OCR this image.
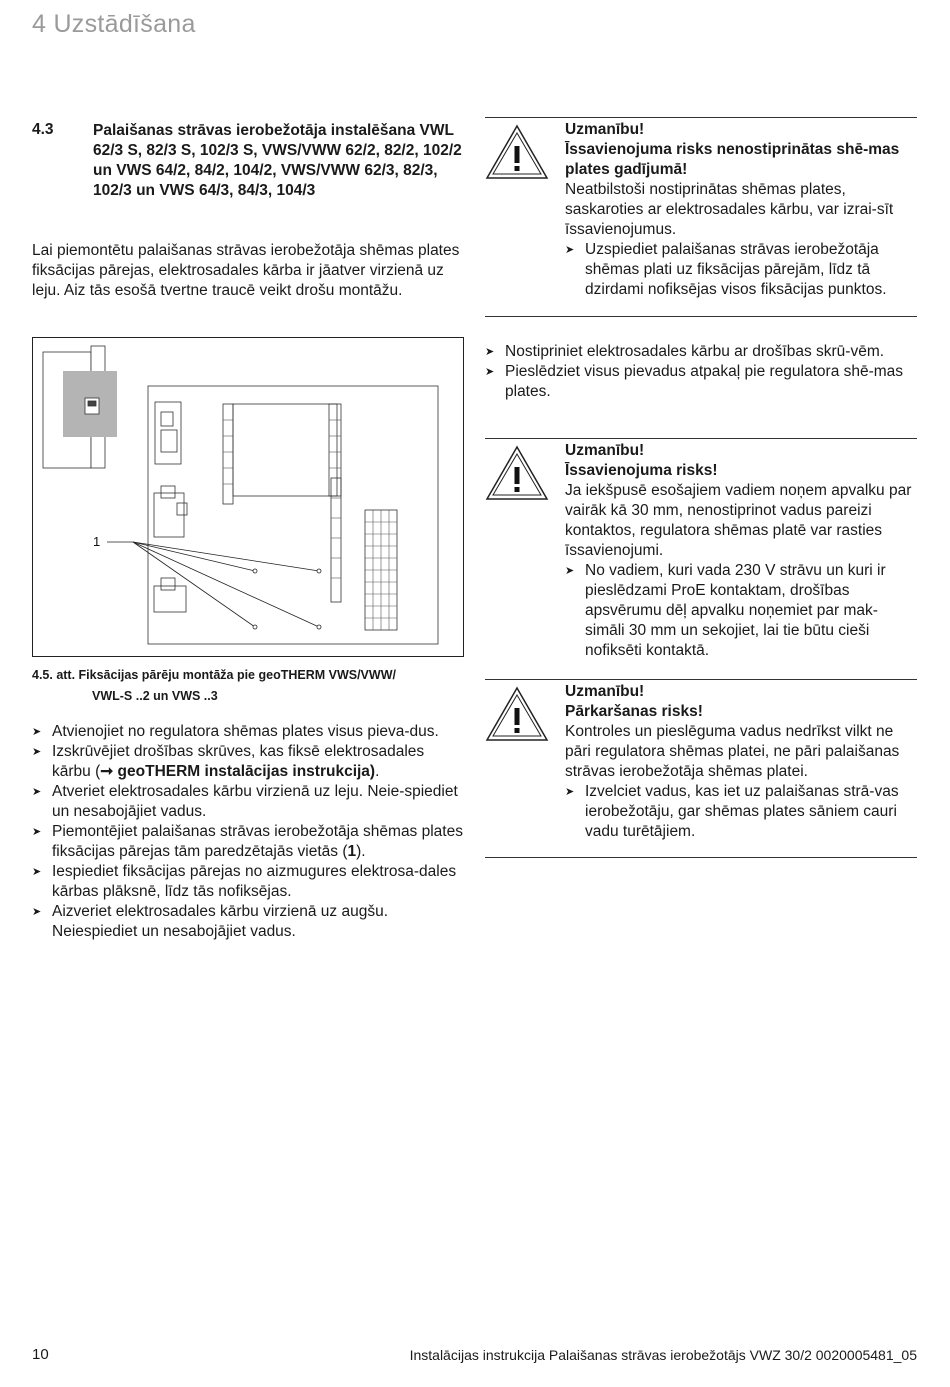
4 Uzstādīšana
4.3	Palaišanas strāvas ierobežotāja instalēšana VWL 62/3 S, 82/3 S, 102/3 S, VWS/VWW 62/2, 82/2, 102/2 un VWS 64/2, 84/2, 104/2, VWS/VWW 62/3, 82/3, 102/3 un VWS 64/3, 84/3, 104/3
Lai piemontētu palaišanas strāvas ierobežotāja shēmas plates fiksācijas pārejas, elektrosadales kārba ir jāatver virzienā uz leju. Aiz tās esošā tvertne traucē veikt drošu montāžu.
1
4.5. att. Fiksācijas pārēju montāža pie geoTHERM VWS/VWW/
VWL-S ..2 un VWS ..3
➤ Atvienojiet no regulatora shēmas plates visus pieva-dus.
➤ Izskrūvējiet drošības skrūves, kas fiksē elektrosadales kārbu (➞ geoTHERM instalācijas instrukcija).
➤ Atveriet elektrosadales kārbu virzienā uz leju. Neie-spiediet un nesabojājiet vadus.
➤ Piemontējiet palaišanas strāvas ierobežotāja shēmas plates fiksācijas pārejas tām paredzētajās vietās (1).
➤ Iespiediet fiksācijas pārejas no aizmugures elektrosa-dales kārbas plāksnē, līdz tās nofiksējas.
➤ Aizveriet elektrosadales kārbu virzienā uz augšu. Neiespiediet un nesabojājiet vadus.
Uzmanību!
Īssavienojuma risks nenostiprinātas shē-mas plates gadījumā!
Neatbilstoši nostiprinātas shēmas plates, saskaroties ar elektrosadales kārbu, var izrai-sīt īssavienojumus.
➤ Uzspiediet palaišanas strāvas ierobežotāja shēmas plati uz fiksācijas pārejām, līdz tā dzirdami nofiksējas visos fiksācijas punktos.
➤ Nostipriniet elektrosadales kārbu ar drošības skrū-vēm.
➤ Pieslēdziet visus pievadus atpakaļ pie regulatora shē-mas plates.
Uzmanību!
Īssavienojuma risks!
Ja iekšpusē esošajiem vadiem noņem apvalku par vairāk kā 30 mm, nenostiprinot vadus pareizi kontaktos, regulatora shēmas platē var rasties īssavienojumi.
➤ No vadiem, kuri vada 230 V strāvu un kuri ir pieslēdzami ProE kontaktam, drošības apsvērumu dēļ apvalku noņemiet par mak-simāli 30 mm un sekojiet, lai tie būtu cieši nofiksēti kontaktā.
Uzmanību!
Pārkaršanas risks!
Kontroles un pieslēguma vadus nedrīkst vilkt ne pāri regulatora shēmas platei, ne pāri palaišanas strāvas ierobežotāja shēmas platei.
➤ Izvelciet vadus, kas iet uz palaišanas strā-vas ierobežotāju, gar shēmas plates sāniem cauri vadu turētājiem.
10	Instalācijas instrukcija Palaišanas strāvas ierobežotājs VWZ 30/2 0020005481_05
